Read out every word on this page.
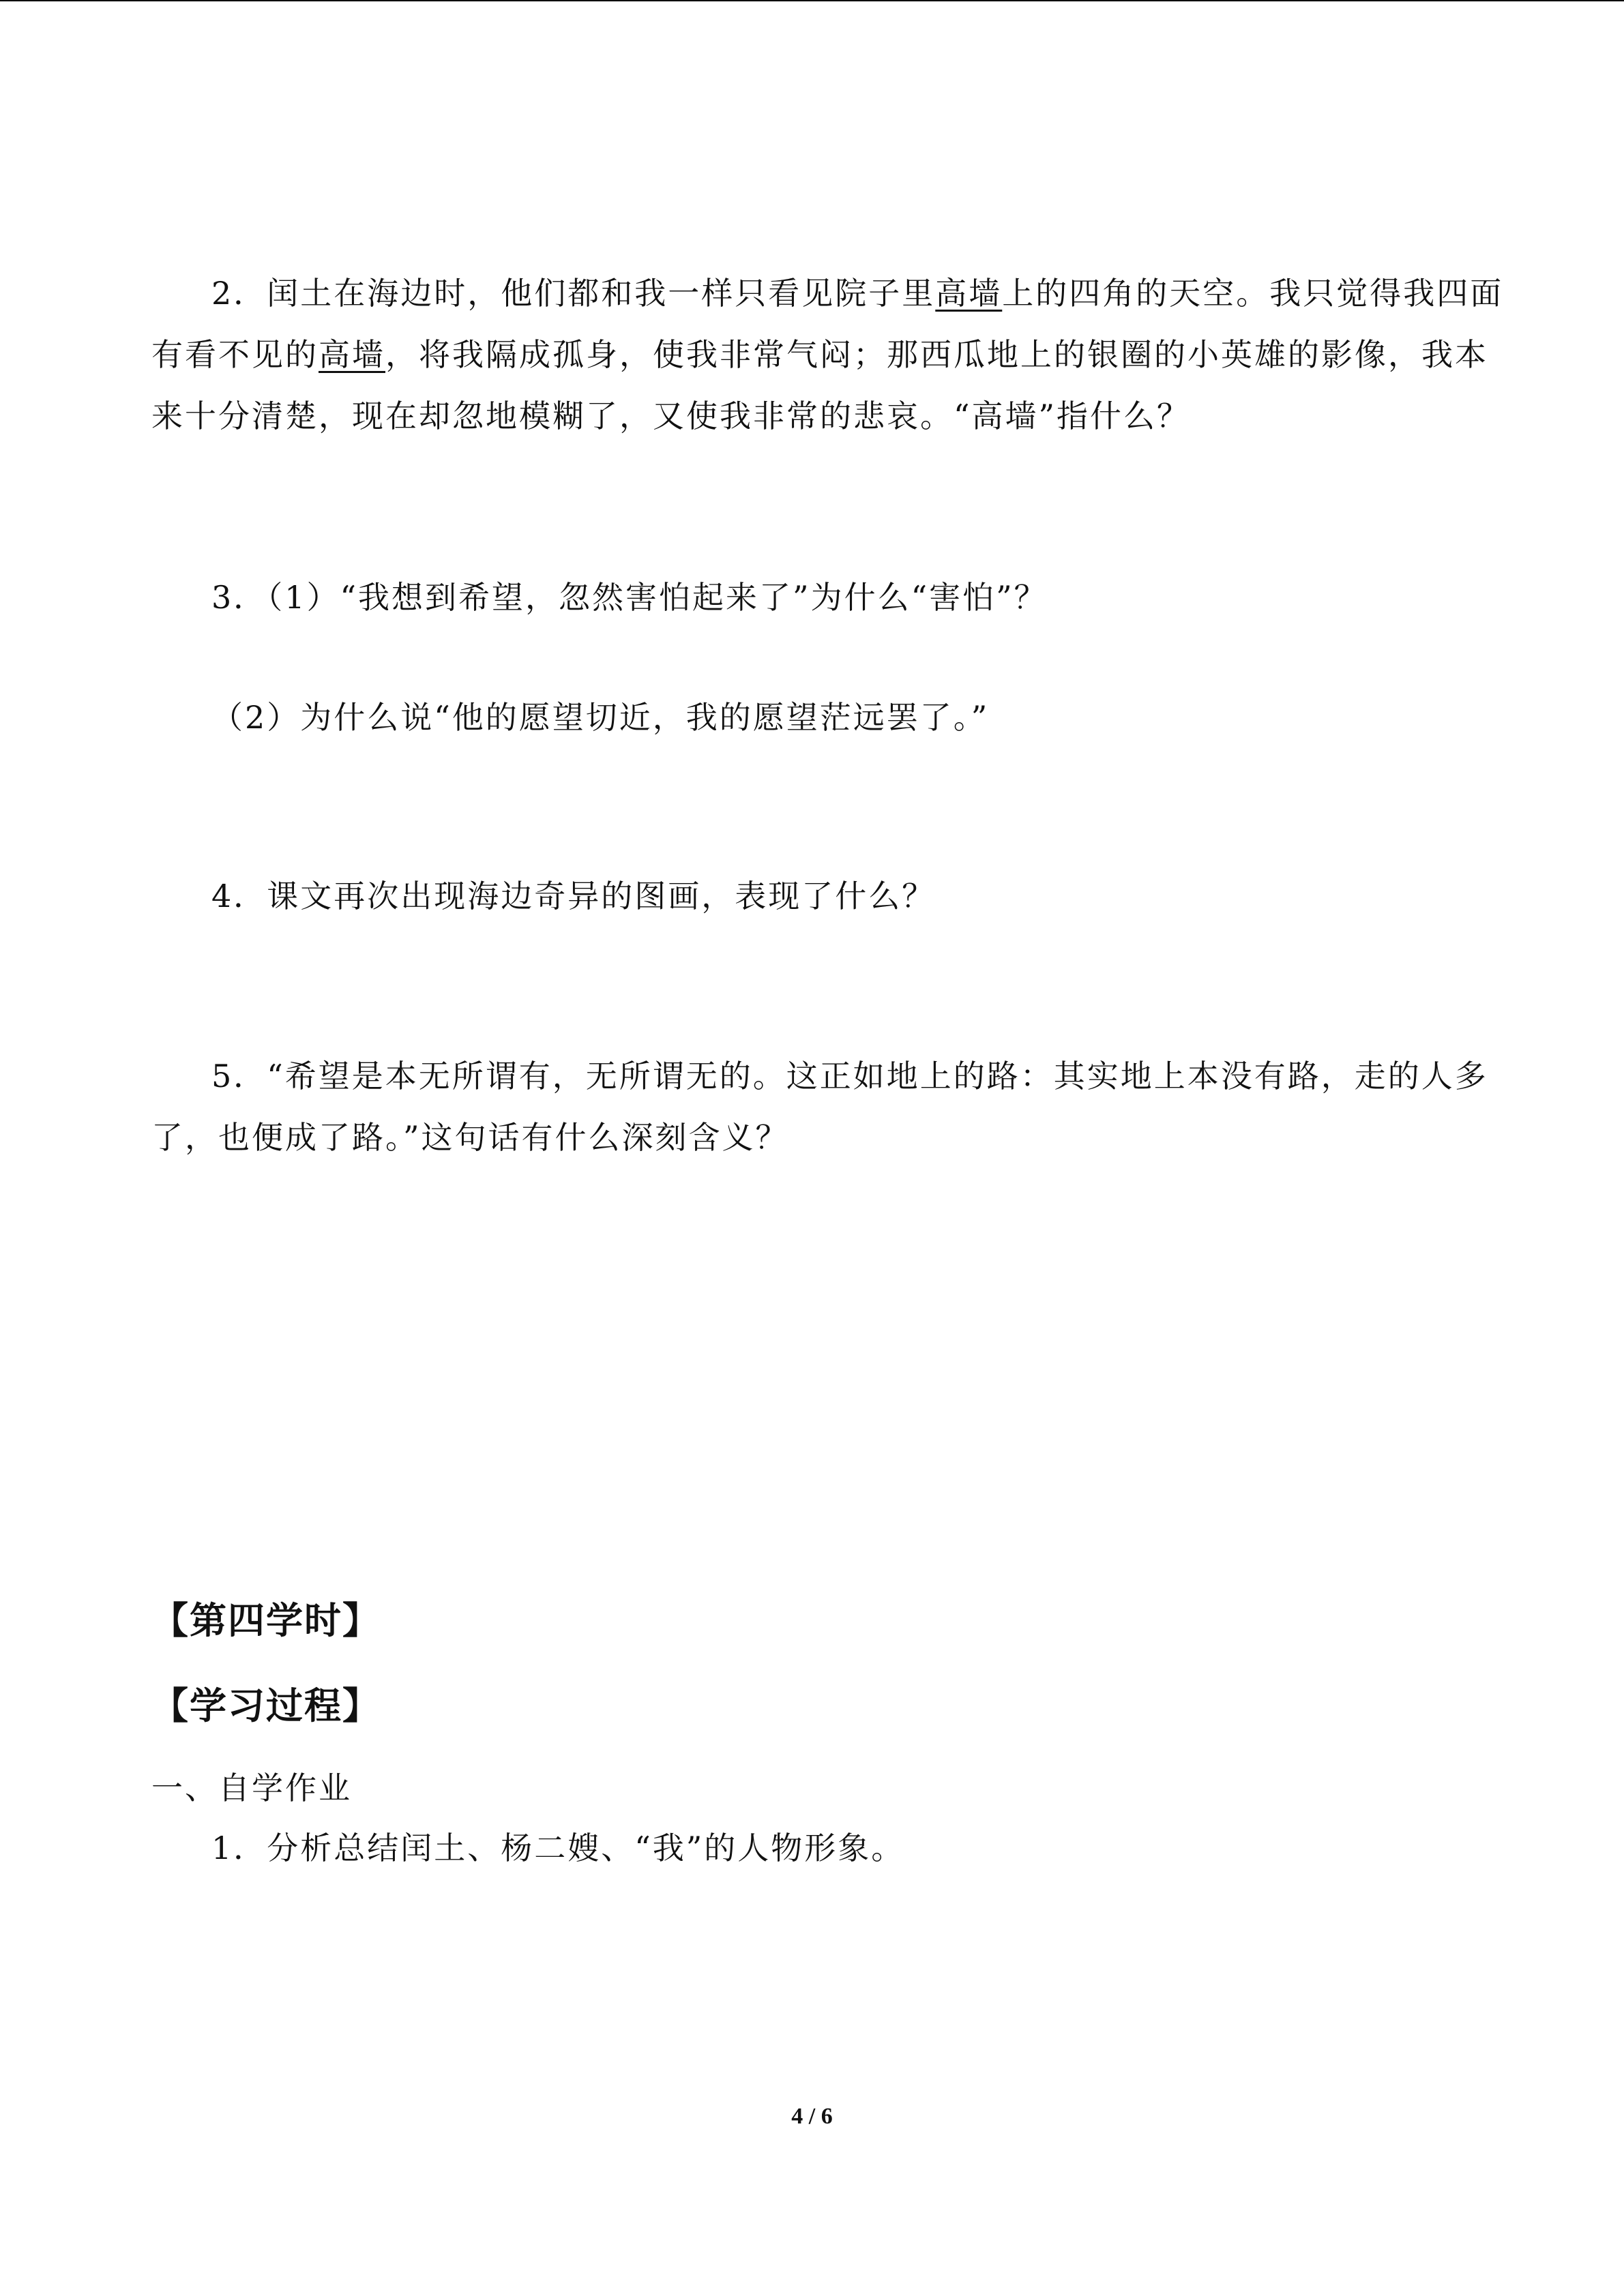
2．闰土在海边时，他们都和我一样只看见院子里高墙上的四角的天空。我只觉得我四面
有看不见的高墙，将我隔成孤身，使我非常气闷；那西瓜地上的银圈的小英雄的影像，我本
来十分清楚，现在却忽地模糊了，又使我非常的悲哀。“高墙”指什么？
3．（1）“我想到希望，忽然害怕起来了”为什么“害怕”？
（2）为什么说“他的愿望切近，我的愿望茫远罢了。”
4．课文再次出现海边奇异的图画，表现了什么？
5．“希望是本无所谓有，无所谓无的。这正如地上的路：其实地上本没有路，走的人多
了，也便成了路。”这句话有什么深刻含义？
【第四学时】
【学习过程】
一、自学作业
1．分析总结闰土、杨二嫂、“我”的人物形象。
4 / 6
